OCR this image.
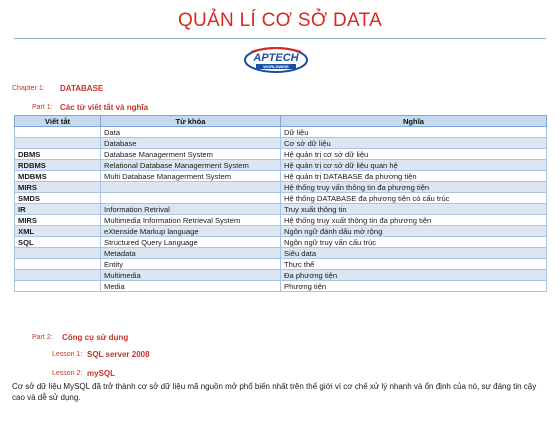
QUẢN LÍ CƠ SỞ DATA
APTECH
WORLDWIDE
Chapter 1: DATABASE
Part 1: Các từ viết tắt và nghĩa
Viết tắt	Từ khóa	Nghĩa
	Data	Dữ liệu
	Database	Cơ sở dữ liệu
DBMS	Database Managerment System	Hệ quản trị cơ sở dữ liệu
RDBMS	Relational Database Managerment System	Hệ quản trị cơ sở dữ liệu quan hệ
MDBMS	Multi Database Managerment System	Hệ quản trị DATABASE đa phương tiện
MIRS		Hệ thống truy vấn thông tin đa phương tiện
SMDS		Hệ thống DATABASE đa phương tiện có cấu trúc
IR	Information Retrival	Truy xuất thông tin
MIRS	Multimedia Information Retrieval System	Hệ thống truy xuất thông tin đa phương tiện
XML	eXtenside Markup language	Ngôn ngữ đánh dấu mở rộng
SQL	Structured Query Language	Ngôn ngữ truy vấn cấu trúc
	Metadata	Siêu data
	Entity	Thực thể
	Multimedia	Đa phương tiện
	Media	Phương tiện
Part 2: Công cụ sử dụng
Lesson 1: SQL server 2008
Lesson 2: mySQL
Cơ sở dữ liệu MySQL đã trở thành cơ sở dữ liệu mã nguồn mở phổ biến nhất trên thế giới vì cơ chế xử lý nhanh và ổn định của nó, sự đáng tin cậy cao và dễ sử dụng.
